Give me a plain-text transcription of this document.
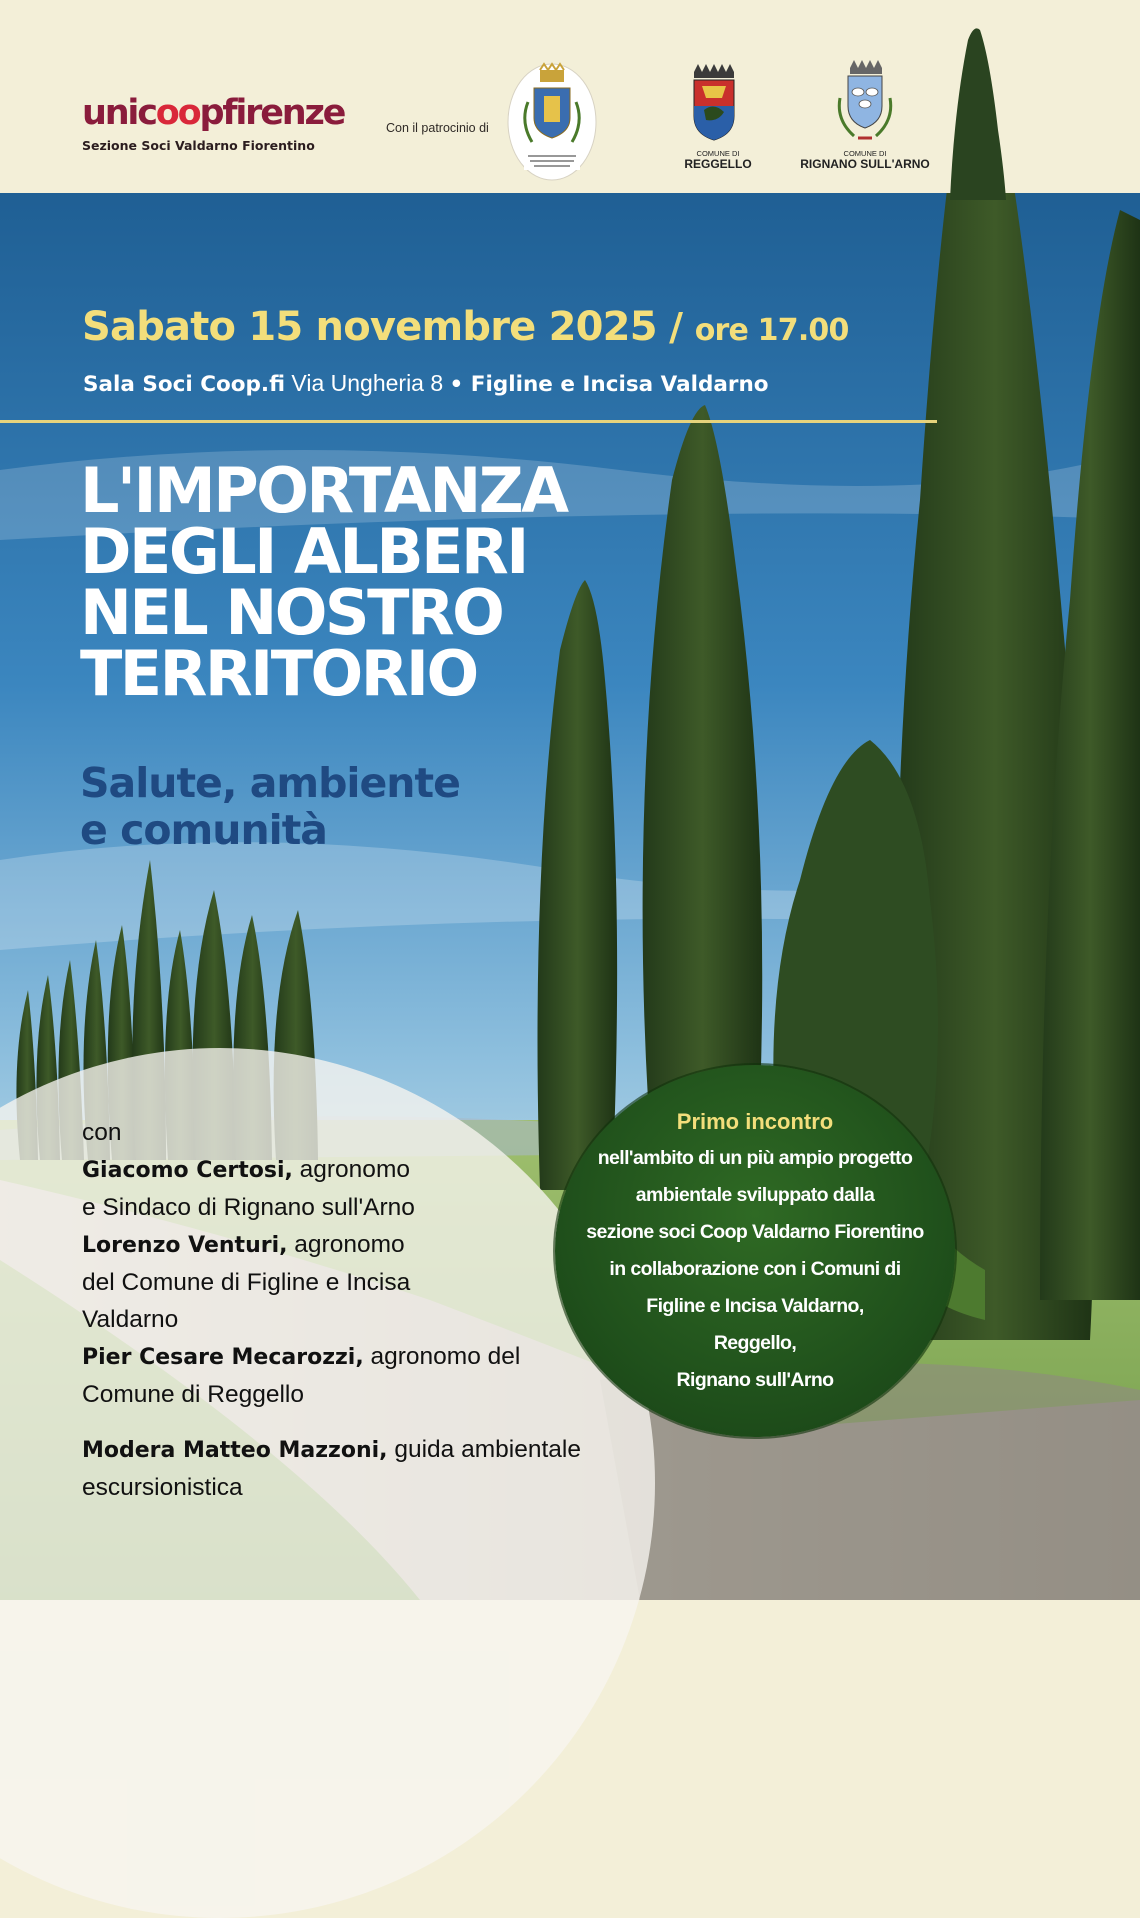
unicoopfirenze
Sezione Soci Valdarno Fiorentino
Con il patrocinio di
COMUNE DI
REGGELLO
COMUNE DI
RIGNANO SULL'ARNO
Sabato 15 novembre 2025 / ore 17.00
Sala Soci Coop.fi Via Ungheria 8 • Figline e Incisa Valdarno
L'IMPORTANZA
DEGLI ALBERI
NEL NOSTRO
TERRITORIO
Salute, ambiente
e comunità
con
Giacomo Certosi, agronomo
e Sindaco di Rignano sull'Arno
Lorenzo Venturi, agronomo
del Comune di Figline e Incisa
Valdarno
Pier Cesare Mecarozzi, agronomo del
Comune di Reggello
Modera Matteo Mazzoni, guida ambientale
escursionistica
Primo incontro
nell'ambito di un più ampio progetto
ambientale sviluppato dalla
sezione soci Coop Valdarno Fiorentino
in collaborazione con i Comuni di
Figline e Incisa Valdarno,
Reggello,
Rignano sull'Arno
